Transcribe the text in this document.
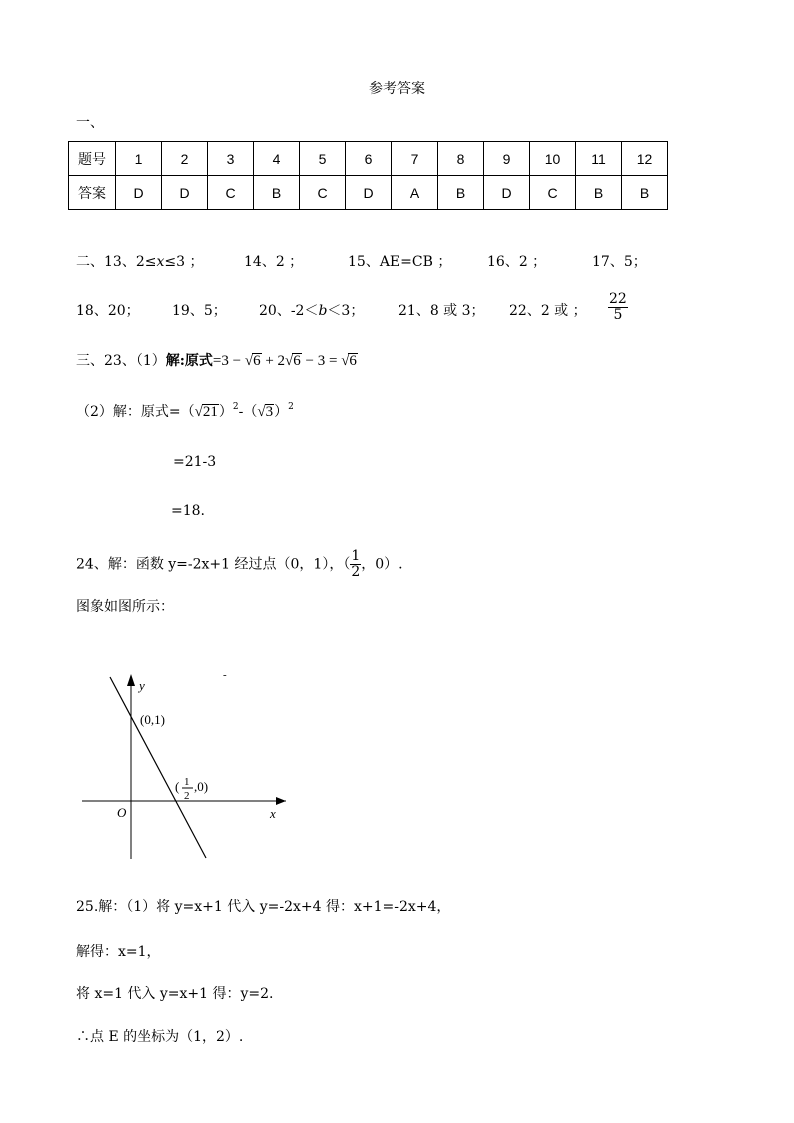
参考答案
一、
题号	1	2	3	4	5	6	7	8	9	10	11	12
答案	D	D	C	B	C	D	A	B	D	C	B	B
二、13、2≤x≤3 ；	14、2 ；	15、AE=CB ；	16、2 ；	17、5；
18、20； 19、5； 20、-2＜b＜3； 21、8 或 3； 22、2 或 ； $\frac{22}{5}$
三、23、（1）解:原式=3 − √6 + 2√6 − 3 = √6
（2）解：原式$=(√21)^2-(√3)^2$
=21-3
=18.
24、解：函数 y=-2x+1 经过点（0，1），（ $\frac{1}{2}$ ，0）.
图象如图所示：
y
x
O
(0,1)
( 1
2
,0)
-
25.解：（1）将 y=x+1 代入 y=-2x+4 得：x+1=-2x+4，
解得：x=1，
将 x=1 代入 y=x+1 得：y=2.
∴点 E 的坐标为（1，2）.
